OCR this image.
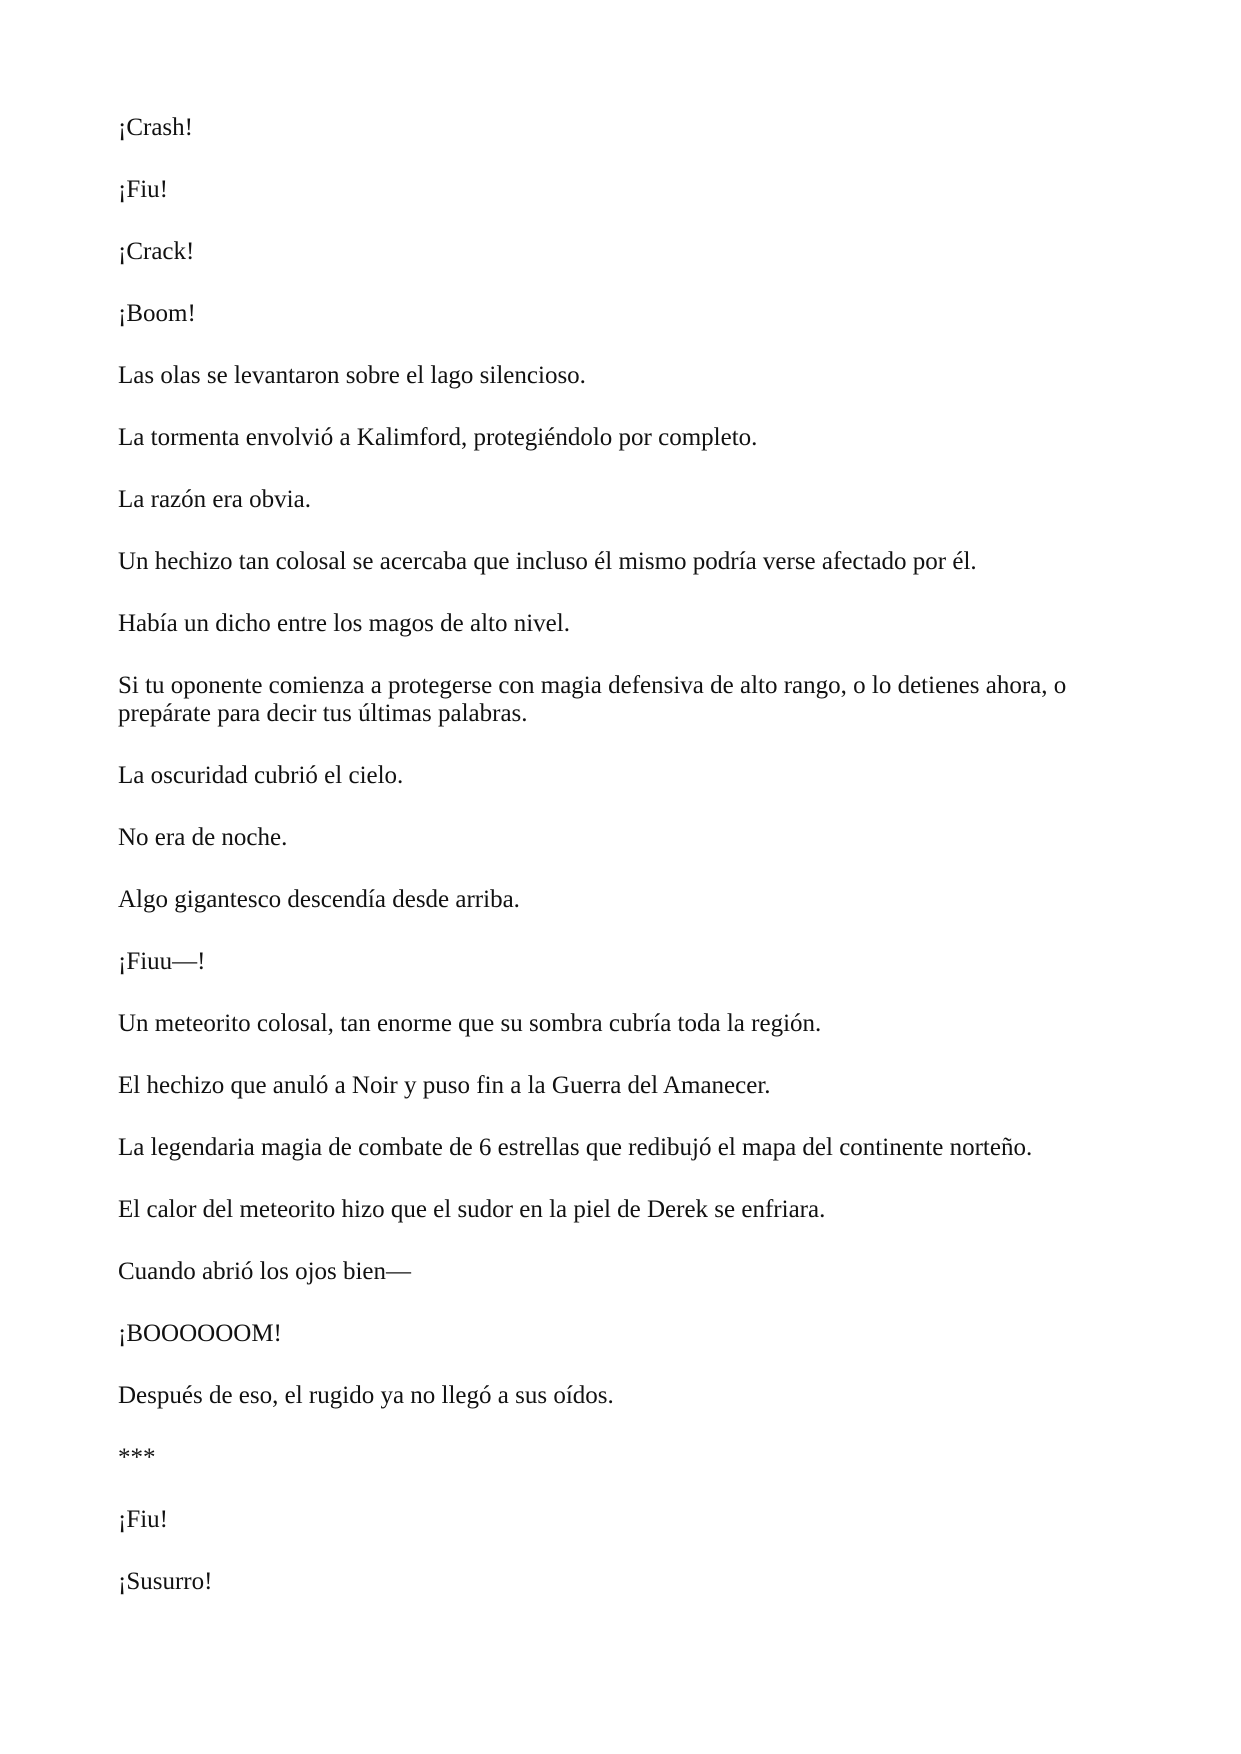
¡Crash!

¡Fiu!

¡Crack!

¡Boom!

Las olas se levantaron sobre el lago silencioso.

La tormenta envolvió a Kalimford, protegiéndolo por completo.

La razón era obvia.

Un hechizo tan colosal se acercaba que incluso él mismo podría verse afectado por él.

Había un dicho entre los magos de alto nivel.

Si tu oponente comienza a protegerse con magia defensiva de alto rango, o lo detienes ahora, o prepárate para decir tus últimas palabras.

La oscuridad cubrió el cielo.

No era de noche.

Algo gigantesco descendía desde arriba.

¡Fiuu—!

Un meteorito colosal, tan enorme que su sombra cubría toda la región.

El hechizo que anuló a Noir y puso fin a la Guerra del Amanecer.

La legendaria magia de combate de 6 estrellas que redibujó el mapa del continente norteño.

El calor del meteorito hizo que el sudor en la piel de Derek se enfriara.

Cuando abrió los ojos bien—

¡BOOOOOOM!

Después de eso, el rugido ya no llegó a sus oídos.

***

¡Fiu!

¡Susurro!
